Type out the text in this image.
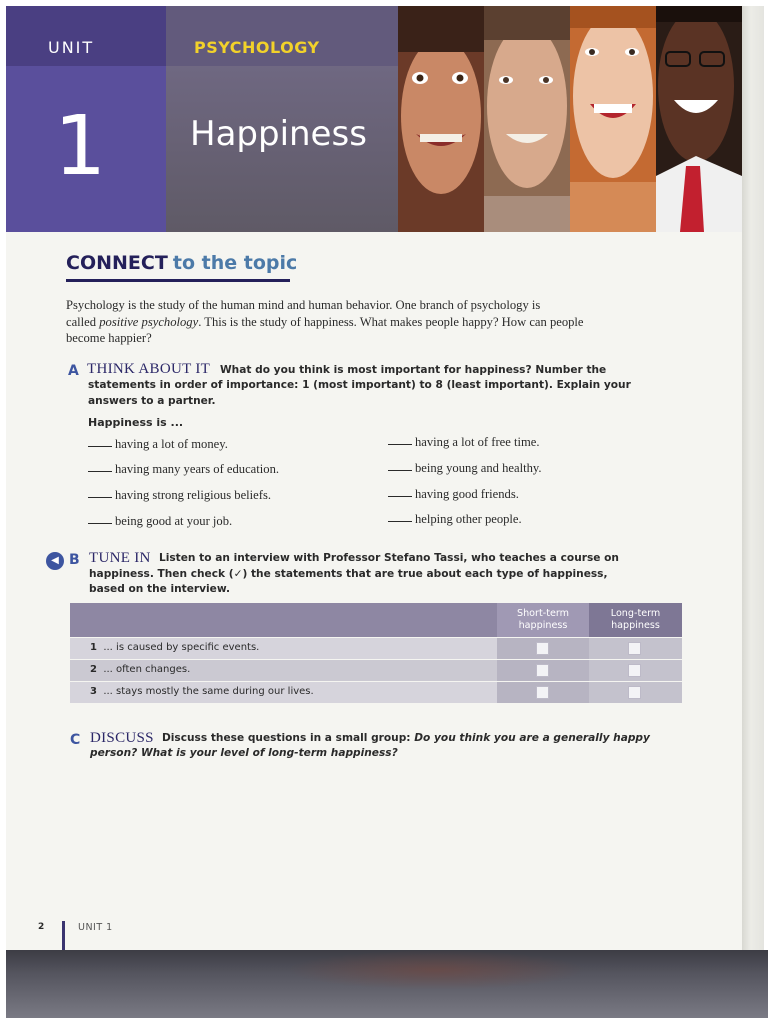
UNIT
1
PSYCHOLOGY
Happiness
CONNECT to the topic
Psychology is the study of the human mind and human behavior. One branch of psychology is
called positive psychology. This is the study of happiness. What makes people happy? How can people
become happier?
A THINK ABOUT IT What do you think is most important for happiness? Number the
statements in order of importance: 1 (most important) to 8 (least important). Explain your
answers to a partner.
Happiness is ...
having a lot of money.
having many years of education.
having strong religious beliefs.
being good at your job.
having a lot of free time.
being young and healthy.
having good friends.
helping other people.
◀ B TUNE IN Listen to an interview with Professor Stefano Tassi, who teaches a course on
happiness. Then check (✓) the statements that are true about each type of happiness,
based on the interview.
Short-term
happiness
Long-term
happiness
1 ... is caused by specific events.
2 ... often changes.
3 ... stays mostly the same during our lives.
C DISCUSS Discuss these questions in a small group: Do you think you are a generally happy
person? What is your level of long-term happiness?
2	UNIT 1
